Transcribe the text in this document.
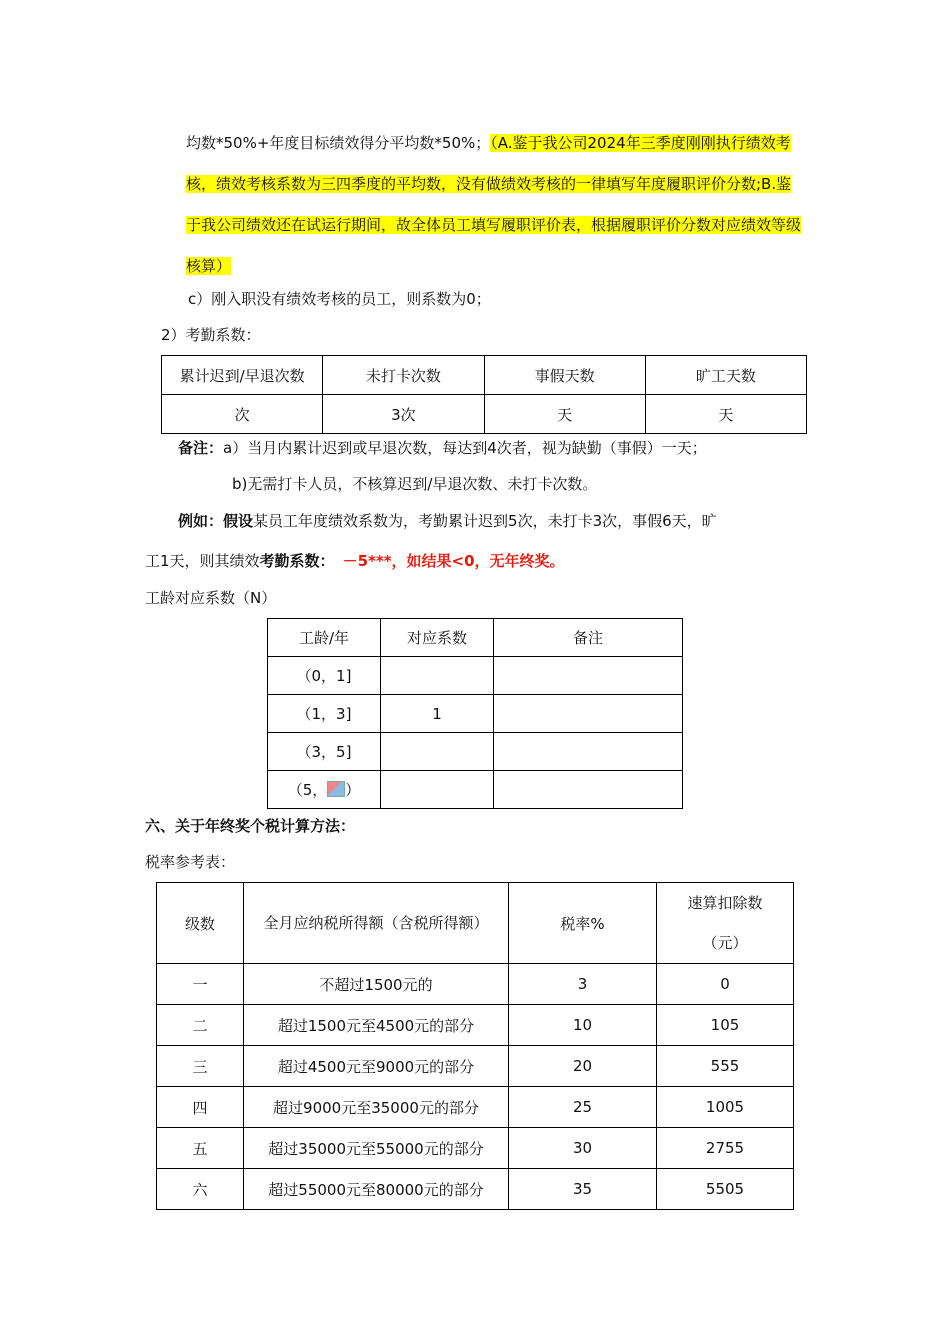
均数*50%+年度目标绩效得分平均数*50%；（A.鉴于我公司2024年三季度刚刚执行绩效考核，绩效考核系数为三四季度的平均数，没有做绩效考核的一律填写年度履职评价分数;B.鉴于我公司绩效还在试运行期间，故全体员工填写履职评价表，根据履职评价分数对应绩效等级核算）
c）刚入职没有绩效考核的员工，则系数为0；
2）考勤系数：
累计迟到/早退次数	未打卡次数	事假天数	旷工天数
次	3次	天	天
备注：a）当月内累计迟到或早退次数，每达到4次者，视为缺勤（事假）一天；
b)无需打卡人员，不核算迟到/早退次数、未打卡次数。
例如：假设某员工年度绩效系数为，考勤累计迟到5次，未打卡3次，事假6天，旷
工1天，则其绩效考勤系数： －5***，如结果<0，无年终奖。
工龄对应系数（N）
工龄/年	对应系数	备注
（0，1]		
（1，3]	1	
（3，5]		
（5， ）		
六、关于年终奖个税计算方法：
税率参考表：
级数	全月应纳税所得额（含税所得额）	税率%	速算扣除数（元）

一	不超过1500元的	3	0
二	超过1500元至4500元的部分	10	105
三	超过4500元至9000元的部分	20	555
四	超过9000元至35000元的部分	25	1005
五	超过35000元至55000元的部分	30	2755
六	超过55000元至80000元的部分	35	5505
